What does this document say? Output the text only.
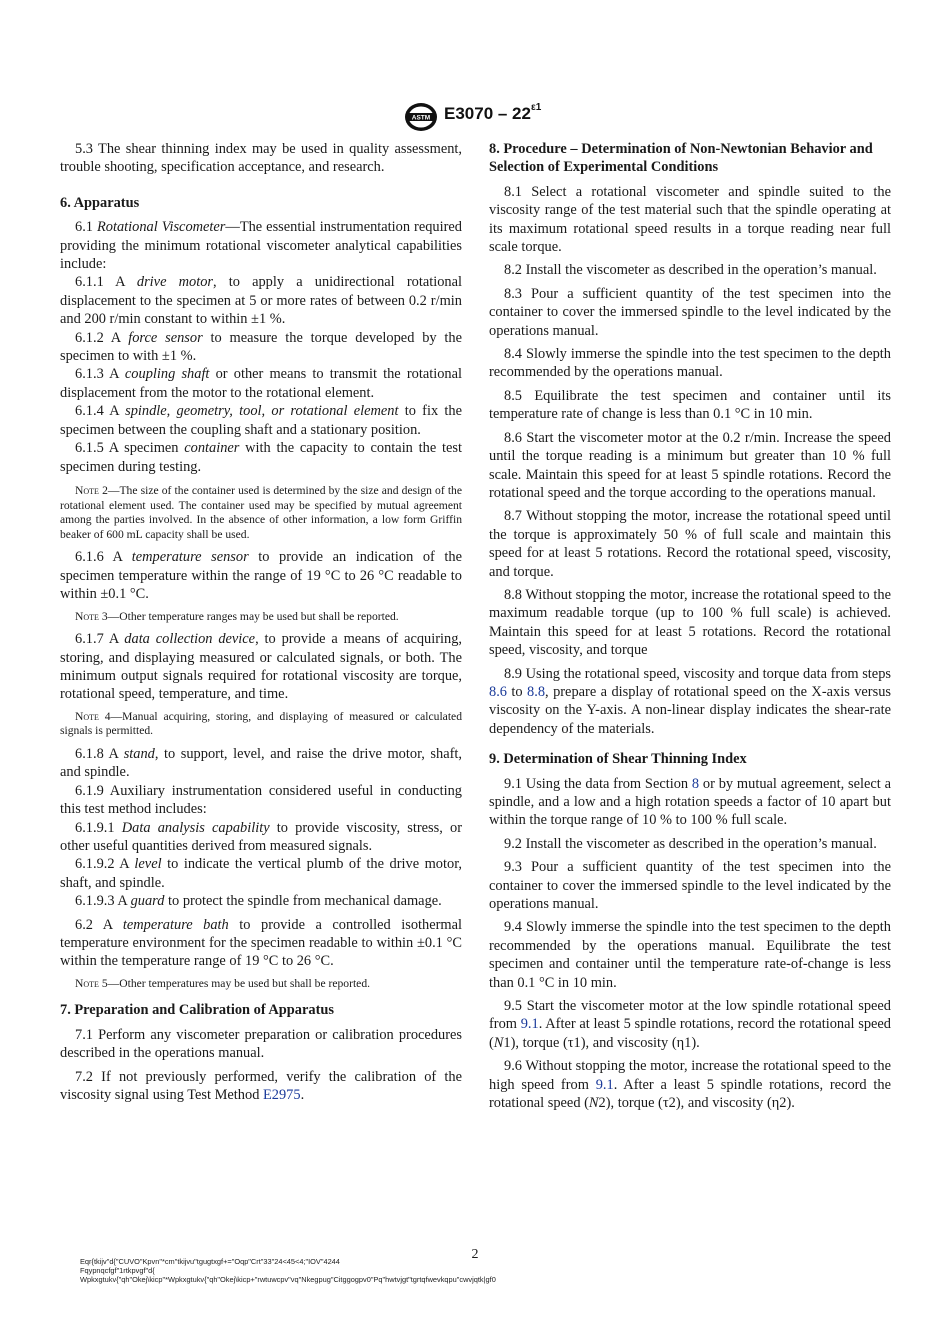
ASTM $E3070 - 22^{\varepsilon 1}$

5.3 The shear thinning index may be used in quality assessment, trouble shooting, specification acceptance, and research.

6. Apparatus

6.1 Rotational Viscometer—The essential instrumentation required providing the minimum rotational viscometer analytical capabilities include:

6.1.1 A drive motor, to apply a unidirectional rotational displacement to the specimen at 5 or more rates of between 0.2 r/min and 200 r/min constant to within ±1 %.

6.1.2 A force sensor to measure the torque developed by the specimen to with ±1 %.

6.1.3 A coupling shaft or other means to transmit the rotational displacement from the motor to the rotational element.

6.1.4 A spindle, geometry, tool, or rotational element to fix the specimen between the coupling shaft and a stationary position.

6.1.5 A specimen container with the capacity to contain the test specimen during testing.

Note 2—The size of the container used is determined by the size and design of the rotational element used. The container used may be specified by mutual agreement among the parties involved. In the absence of other information, a low form Griffin beaker of 600 mL capacity shall be used.

6.1.6 A temperature sensor to provide an indication of the specimen temperature within the range of 19 °C to 26 °C readable to within ±0.1 °C.

Note 3—Other temperature ranges may be used but shall be reported.

6.1.7 A data collection device, to provide a means of acquiring, storing, and displaying measured or calculated signals, or both. The minimum output signals required for rotational viscosity are torque, rotational speed, temperature, and time.

Note 4—Manual acquiring, storing, and displaying of measured or calculated signals is permitted.

6.1.8 A stand, to support, level, and raise the drive motor, shaft, and spindle.

6.1.9 Auxiliary instrumentation considered useful in conducting this test method includes:

6.1.9.1 Data analysis capability to provide viscosity, stress, or other useful quantities derived from measured signals.

6.1.9.2 A level to indicate the vertical plumb of the drive motor, shaft, and spindle.

6.1.9.3 A guard to protect the spindle from mechanical damage.

6.2 A temperature bath to provide a controlled isothermal temperature environment for the specimen readable to within ±0.1 °C within the temperature range of 19 °C to 26 °C.

Note 5—Other temperatures may be used but shall be reported.

7. Preparation and Calibration of Apparatus

7.1 Perform any viscometer preparation or calibration procedures described in the operations manual.

7.2 If not previously performed, verify the calibration of the viscosity signal using Test Method E2975.

8. Procedure – Determination of Non-Newtonian Behavior and Selection of Experimental Conditions

8.1 Select a rotational viscometer and spindle suited to the viscosity range of the test material such that the spindle operating at its maximum rotational speed results in a torque reading near full scale torque.

8.2 Install the viscometer as described in the operation’s manual.

8.3 Pour a sufficient quantity of the test specimen into the container to cover the immersed spindle to the level indicated by the operations manual.

8.4 Slowly immerse the spindle into the test specimen to the depth recommended by the operations manual.

8.5 Equilibrate the test specimen and container until its temperature rate of change is less than 0.1 °C in 10 min.

8.6 Start the viscometer motor at the 0.2 r/min. Increase the speed until the torque reading is a minimum but greater than 10 % full scale. Maintain this speed for at least 5 spindle rotations. Record the rotational speed and the torque according to the operations manual.

8.7 Without stopping the motor, increase the rotational speed until the torque is approximately 50 % of full scale and maintain this speed for at least 5 rotations. Record the rotational speed, viscosity, and torque.

8.8 Without stopping the motor, increase the rotational speed to the maximum readable torque (up to 100 % full scale) is achieved. Maintain this speed for at least 5 rotations. Record the rotational speed, viscosity, and torque

8.9 Using the rotational speed, viscosity and torque data from steps 8.6 to 8.8, prepare a display of rotational speed on the X-axis versus viscosity on the Y-axis. A non-linear display indicates the shear-rate dependency of the materials.

9. Determination of Shear Thinning Index

9.1 Using the data from Section 8 or by mutual agreement, select a spindle, and a low and a high rotation speeds a factor of 10 apart but within the torque range of 10 % to 100 % full scale.

9.2 Install the viscometer as described in the operation’s manual.

9.3 Pour a sufficient quantity of the test specimen into the container to cover the immersed spindle to the level indicated by the operations manual.

9.4 Slowly immerse the spindle into the test specimen to the depth recommended by the operations manual. Equilibrate the test specimen and container until the temperature rate-of-change is less than 0.1 °C in 10 min.

9.5 Start the viscometer motor at the low spindle rotational speed from 9.1. After at least 5 spindle rotations, record the rotational speed (N1), torque (τ1), and viscosity (η1).

9.6 Without stopping the motor, increase the rotational speed to the high speed from 9.1. After a least 5 spindle rotations, record the rotational speed (N2), torque (τ2), and viscosity (η2).

2
Eqr{tkijv"d{"CUVO"Kpvn"*cm"tkijvu"tgugtxgf+="Oqp"Crt"33"24<45<4;"IOV"4244
Fqypnqcfgf"1rtkpvgf"d{
Wpkxgtukv{"qh"Okej\kicp"*Wpkxgtukv{"qh"Okej\kicp+"rwtuwcpv"vq"Nkegpug"Citggogpv0"Pq"hwtvjgt"tgrtqfwevkqpu"cwvjqtk|gf0
